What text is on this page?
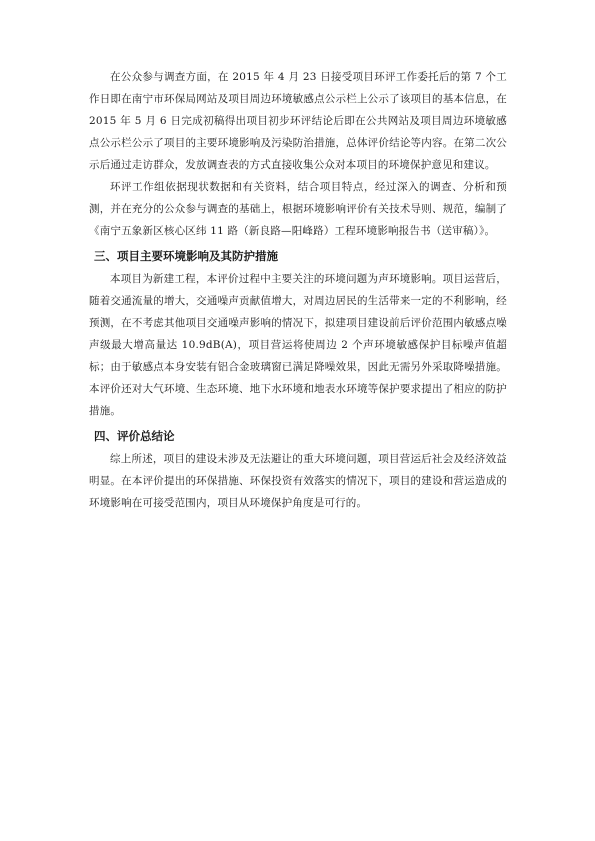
在公众参与调查方面，在 2015 年 4 月 23 日接受项目环评工作委托后的第 7 个工作日即在南宁市环保局网站及项目周边环境敏感点公示栏上公示了该项目的基本信息，在 2015 年 5 月 6 日完成初稿得出项目初步环评结论后即在公共网站及项目周边环境敏感点公示栏公示了项目的主要环境影响及污染防治措施，总体评价结论等内容。在第二次公示后通过走访群众，发放调查表的方式直接收集公众对本项目的环境保护意见和建议。

环评工作组依据现状数据和有关资料，结合项目特点，经过深入的调查、分析和预测，并在充分的公众参与调查的基础上，根据环境影响评价有关技术导则、规范，编制了《南宁五象新区核心区纬 11 路（新良路—阳峰路）工程环境影响报告书（送审稿）》。

三、项目主要环境影响及其防护措施

本项目为新建工程，本评价过程中主要关注的环境问题为声环境影响。项目运营后，随着交通流量的增大，交通噪声贡献值增大，对周边居民的生活带来一定的不利影响，经预测，在不考虑其他项目交通噪声影响的情况下，拟建项目建设前后评价范围内敏感点噪声级最大增高量达 10.9dB(A)，项目营运将使周边 2 个声环境敏感保护目标噪声值超标；由于敏感点本身安装有铝合金玻璃窗已满足降噪效果，因此无需另外采取降噪措施。本评价还对大气环境、生态环境、地下水环境和地表水环境等保护要求提出了相应的防护措施。

四、评价总结论

综上所述，项目的建设未涉及无法避让的重大环境问题，项目营运后社会及经济效益明显。在本评价提出的环保措施、环保投资有效落实的情况下，项目的建设和营运造成的环境影响在可接受范围内，项目从环境保护角度是可行的。
